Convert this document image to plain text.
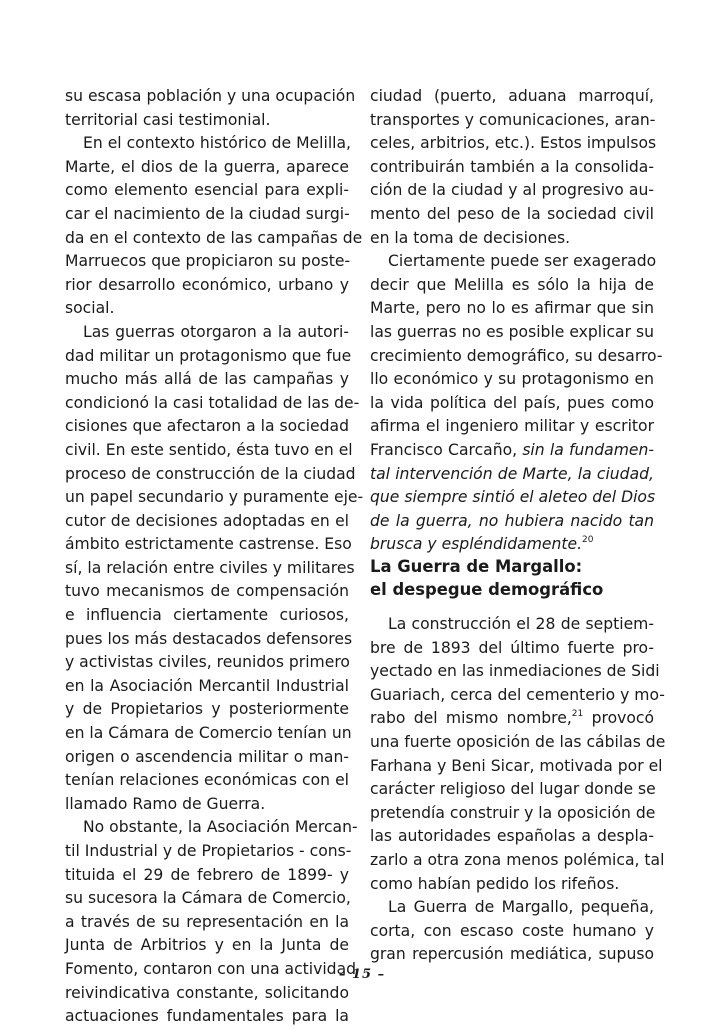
su escasa población y una ocupación
territorial casi testimonial.
En el contexto histórico de Melilla,
Marte, el dios de la guerra, aparece
como elemento esencial para expli-
car el nacimiento de la ciudad surgi-
da en el contexto de las campañas de
Marruecos que propiciaron su poste-
rior desarrollo económico, urbano y
social.
Las guerras otorgaron a la autori-
dad militar un protagonismo que fue
mucho más allá de las campañas y
condicionó la casi totalidad de las de-
cisiones que afectaron a la sociedad
civil. En este sentido, ésta tuvo en el
proceso de construcción de la ciudad
un papel secundario y puramente eje-
cutor de decisiones adoptadas en el
ámbito estrictamente castrense. Eso
sí, la relación entre civiles y militares
tuvo mecanismos de compensación
e influencia ciertamente curiosos,
pues los más destacados defensores
y activistas civiles, reunidos primero
en la Asociación Mercantil Industrial
y de Propietarios y posteriormente
en la Cámara de Comercio tenían un
origen o ascendencia militar o man-
tenían relaciones económicas con el
llamado Ramo de Guerra.
No obstante, la Asociación Mercan-
til Industrial y de Propietarios - cons-
tituida el 29 de febrero de 1899- y
su sucesora la Cámara de Comercio,
a través de su representación en la
Junta de Arbitrios y en la Junta de
Fomento, contaron con una actividad
reivindicativa constante, solicitando
actuaciones fundamentales para la
ciudad (puerto, aduana marroquí,
transportes y comunicaciones, aran-
celes, arbitrios, etc.). Estos impulsos
contribuirán también a la consolida-
ción de la ciudad y al progresivo au-
mento del peso de la sociedad civil
en la toma de decisiones.
Ciertamente puede ser exagerado
decir que Melilla es sólo la hija de
Marte, pero no lo es afirmar que sin
las guerras no es posible explicar su
crecimiento demográfico, su desarro-
llo económico y su protagonismo en
la vida política del país, pues como
afirma el ingeniero militar y escritor
Francisco Carcaño, sin la fundamen-
tal intervención de Marte, la ciudad,
que siempre sintió el aleteo del Dios
de la guerra, no hubiera nacido tan
brusca y espléndidamente.$^{20}$

La Guerra de Margallo:

el despegue demográfico

La construcción el 28 de septiem-
bre de 1893 del último fuerte pro-
yectado en las inmediaciones de Sidi
Guariach, cerca del cementerio y mo-
rabo del mismo nombre,$^{21}$ provocó
una fuerte oposición de las cábilas de
Farhana y Beni Sicar, motivada por el
carácter religioso del lugar donde se
pretendía construir y la oposición de
las autoridades españolas a despla-
zarlo a otra zona menos polémica, tal
como habían pedido los rifeños.
La Guerra de Margallo, pequeña,
corta, con escaso coste humano y
gran repercusión mediática, supuso
– 15 –
